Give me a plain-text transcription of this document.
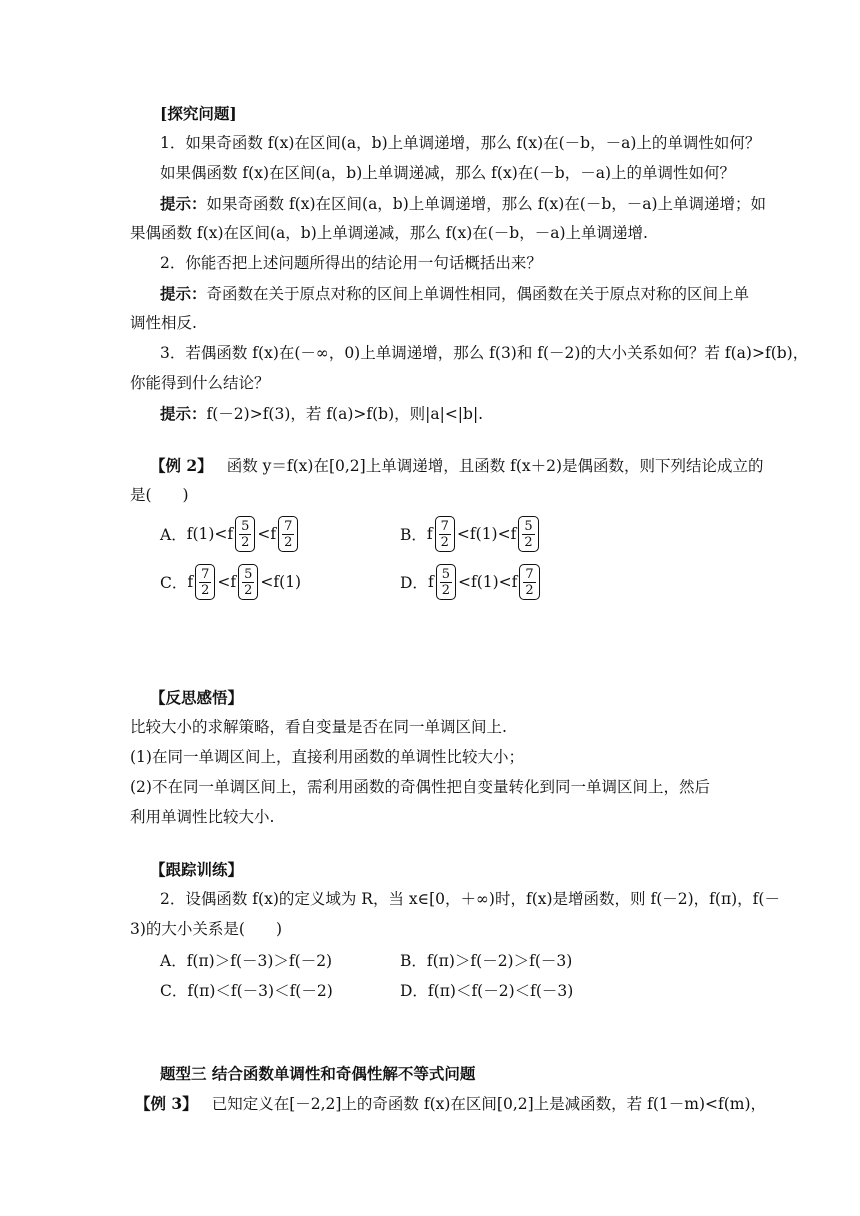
[探究问题]
1．如果奇函数 f(x)在区间(a，b)上单调递增，那么 f(x)在(－b，－a)上的单调性如何？
如果偶函数 f(x)在区间(a，b)上单调递减，那么 f(x)在(－b，－a)上的单调性如何？
提示：如果奇函数 f(x)在区间(a，b)上单调递增，那么 f(x)在(－b，－a)上单调递增；如
果偶函数 f(x)在区间(a，b)上单调递减，那么 f(x)在(－b，－a)上单调递增.
2．你能否把上述问题所得出的结论用一句话概括出来？
提示：奇函数在关于原点对称的区间上单调性相同，偶函数在关于原点对称的区间上单
调性相反.
3．若偶函数 f(x)在(－∞，0)上单调递增，那么 f(3)和 f(－2)的大小关系如何？若 f(a)>f(b)，
你能得到什么结论？
提示：f(－2)>f(3)，若 f(a)>f(b)，则|a|<|b|.
【例 2】 函数 y＝f(x)在[0,2]上单调递增，且函数 f(x＋2)是偶函数，则下列结论成立的
是(　　)
A． $f(1)<f \frac{5}{2} <f \frac{7}{2}$	B． f $\frac{7}{2} <f(1)<f \frac{5}{2}$
C． f $\frac{7}{2} <f \frac{5}{2} <f(1)$	D． f $\frac{5}{2} <f(1)<f \frac{7}{2}$
【反思感悟】
比较大小的求解策略，看自变量是否在同一单调区间上.
(1)在同一单调区间上，直接利用函数的单调性比较大小；
(2)不在同一单调区间上，需利用函数的奇偶性把自变量转化到同一单调区间上，然后
利用单调性比较大小.
【跟踪训练】
2．设偶函数 f(x)的定义域为 R，当 x∈[0，＋∞)时，f(x)是增函数，则 f(－2)，f(π)，f(－
3)的大小关系是(　　)
A．f(π)＞f(－3)＞f(－2)	B．f(π)＞f(－2)＞f(－3)
C．f(π)＜f(－3)＜f(－2)	D．f(π)＜f(－2)＜f(－3)
题型三 结合函数单调性和奇偶性解不等式问题
【例 3】 已知定义在[－2,2]上的奇函数 f(x)在区间[0,2]上是减函数，若 f(1－m)<f(m)，
